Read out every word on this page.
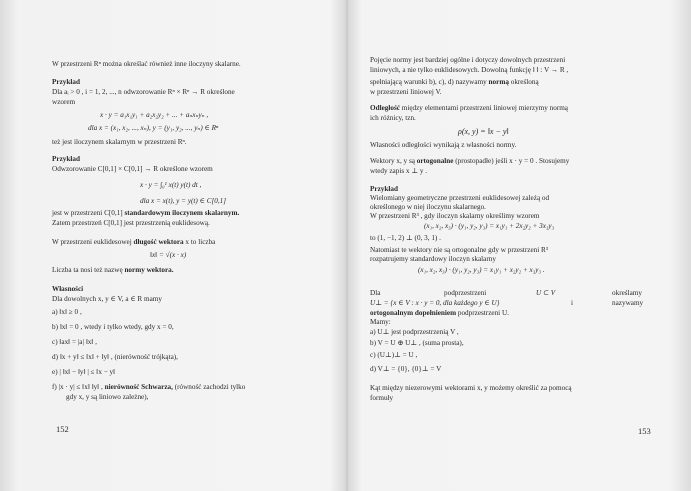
W przestrzeni Rⁿ można określać również inne iloczyny skalarne.
Przykład
Dla aᵢ > 0 , i = 1, 2, ..., n odwzorowanie Rⁿ × Rⁿ → R określone
wzorem
x · y = a₁x₁y₁ + a₂x₂y₂ + ... + aₙxₙyₙ ,
dla x = (x₁, x₂, ..., xₙ), y = (y₁, y₂, ..., yₙ) ∈ Rⁿ
też jest iloczynem skalarnym w przestrzeni Rⁿ.
Przykład
Odwzorowanie C[0,1] × C[0,1] → R określone wzorem
x · y = ∫₀¹ x(t) y(t) dt ,
dla x = x(t), y = y(t) ∈ C[0,1]
jest w przestrzeni C[0,1] standardowym iloczynem skalarnym.
Zatem przestrzeń C[0,1] jest przestrzenią euklidesową.
W przestrzeni euklidesowej długość wektora x to liczba
‖x‖ = √(x · x)
Liczba ta nosi też nazwę normy wektora.
Własności
Dla dowolnych x, y ∈ V, a ∈ R mamy
a) ‖x‖ ≥ 0 ,
b) ‖x‖ = 0 , wtedy i tylko wtedy, gdy x = 0,
c) ‖ax‖ = |a| ‖x‖ ,
d) ‖x + y‖ ≤ ‖x‖ + ‖y‖ , (nierówność trójkąta),
e) | ‖x‖ − ‖y‖ | ≤ ‖x − y‖
f) |x · y| ≤ ‖x‖ ‖y‖ , nierówność Schwarza, (równość zachodzi tylko
gdy x, y są liniowo zależne),
152
Pojęcie normy jest bardziej ogólne i dotyczy dowolnych przestrzeni
liniowych, a nie tylko euklidesowych. Dowolną funkcję ‖ ‖ : V → R ,
spełniającą warunki b), c), d) nazywamy normą określoną
w przestrzeni liniowej V.
Odległość między elementami przestrzeni liniowej mierzymy normą
ich różnicy, tzn.
ρ(x, y) = ‖x − y‖
Własności odległości wynikają z własności normy.
Wektory x, y są ortogonalne (prostopadłe) jeśli x · y = 0 . Stosujemy
wtedy zapis x ⊥ y .
Przykład
Wielomiany geometryczne przestrzeni euklidesowej zależą od
określonego w niej iloczynu skalarnego.
W przestrzeni R³ , gdy iloczyn skalarny określimy wzorem
(x₁, x₂, x₃) · (y₁, y₂, y₃) = x₁y₁ + 2x₂y₂ + 3x₃y₃
to (1, −1, 2) ⊥ (0, 3, 1) .
Natomiast te wektory nie są ortogonalne gdy w przestrzeni R³
rozpatrujemy standardowy iloczyn skalarny
(x₁, x₂, x₃) · (y₁, y₂, y₃) = x₁y₁ + x₂y₂ + x₃y₃ .
Dla	podprzestrzeni	U ⊂ V	określamy
U⊥ = {x ∈ V : x · y = 0, dla każdego y ∈ U}	i	nazywamy
ortogonalnym dopełnieniem podprzestrzeni U.
Mamy:
a) U⊥ jest podprzestrzenią V ,
b) V = U ⊕ U⊥ , (suma prosta),
c) (U⊥)⊥ = U ,
d) V⊥ = {0}, {0}⊥ = V
Kąt między niezerowymi wektorami x, y możemy określić za pomocą
formuły
153
